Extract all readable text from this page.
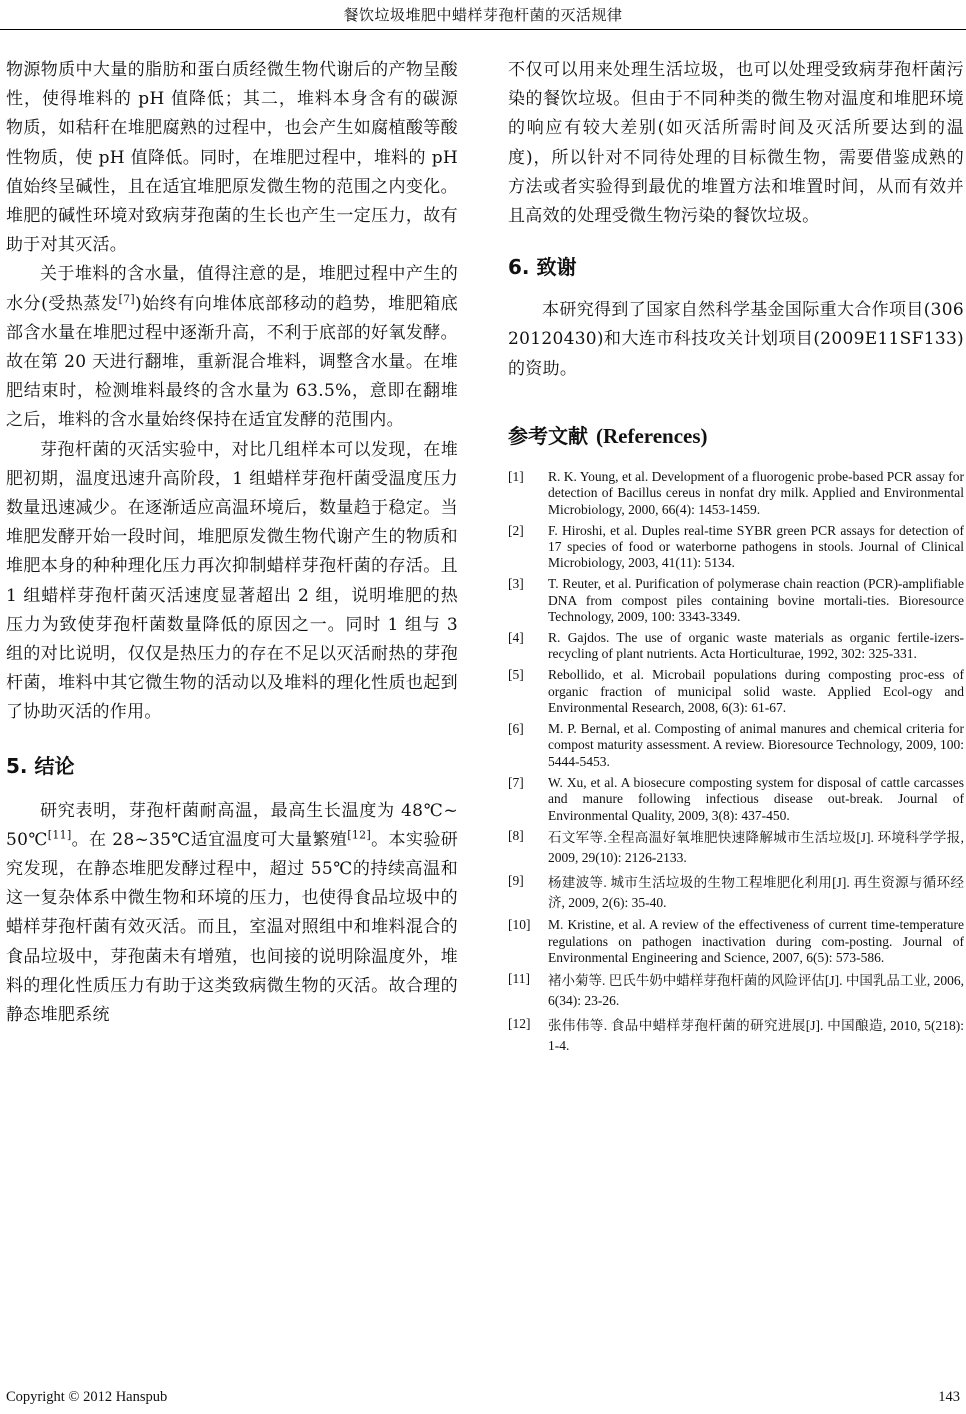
餐饮垃圾堆肥中蜡样芽孢杆菌的灭活规律

物源物质中大量的脂肪和蛋白质经微生物代谢后的产物呈酸性，使得堆料的 pH 值降低；其二，堆料本身含有的碳源物质，如秸秆在堆肥腐熟的过程中，也会产生如腐植酸等酸性物质，使 pH 值降低。同时，在堆肥过程中，堆料的 pH 值始终呈碱性，且在适宜堆肥原发微生物的范围之内变化。堆肥的碱性环境对致病芽孢菌的生长也产生一定压力，故有助于对其灭活。

关于堆料的含水量，值得注意的是，堆肥过程中产生的水分(受热蒸发[7])始终有向堆体底部移动的趋势，堆肥箱底部含水量在堆肥过程中逐渐升高，不利于底部的好氧发酵。故在第 20 天进行翻堆，重新混合堆料，调整含水量。在堆肥结束时，检测堆料最终的含水量为 63.5%，意即在翻堆之后，堆料的含水量始终保持在适宜发酵的范围内。

芽孢杆菌的灭活实验中，对比几组样本可以发现，在堆肥初期，温度迅速升高阶段，1 组蜡样芽孢杆菌受温度压力数量迅速减少。在逐渐适应高温环境后，数量趋于稳定。当堆肥发酵开始一段时间，堆肥原发微生物代谢产生的物质和堆肥本身的种种理化压力再次抑制蜡样芽孢杆菌的存活。且 1 组蜡样芽孢杆菌灭活速度显著超出 2 组，说明堆肥的热压力为致使芽孢杆菌数量降低的原因之一。同时 1 组与 3 组的对比说明，仅仅是热压力的存在不足以灭活耐热的芽孢杆菌，堆料中其它微生物的活动以及堆料的理化性质也起到了协助灭活的作用。

5. 结论

研究表明，芽孢杆菌耐高温，最高生长温度为 48℃~50℃[11]。在 28~35℃适宜温度可大量繁殖[12]。本实验研究发现，在静态堆肥发酵过程中，超过 55℃的持续高温和这一复杂体系中微生物和环境的压力，也使得食品垃圾中的蜡样芽孢杆菌有效灭活。而且，室温对照组中和堆料混合的食品垃圾中，芽孢菌未有增殖，也间接的说明除温度外，堆料的理化性质压力有助于这类致病微生物的灭活。故合理的静态堆肥系统

不仅可以用来处理生活垃圾，也可以处理受致病芽孢杆菌污染的餐饮垃圾。但由于不同种类的微生物对温度和堆肥环境的响应有较大差别(如灭活所需时间及灭活所要达到的温度)，所以针对不同待处理的目标微生物，需要借鉴成熟的方法或者实验得到最优的堆置方法和堆置时间，从而有效并且高效的处理受微生物污染的餐饮垃圾。

6. 致谢

本研究得到了国家自然科学基金国际重大合作项目(30620120430)和大连市科技攻关计划项目(2009E11SF133)的资助。

参考文献 (References)
[1] R. K. Young, et al. Development of a fluorogenic probe-based PCR assay for detection of Bacillus cereus in nonfat dry milk. Applied and Environmental Microbiology, 2000, 66(4): 1453-1459.
[2] F. Hiroshi, et al. Duples real-time SYBR green PCR assays for detection of 17 species of food or waterborne pathogens in stools. Journal of Clinical Microbiology, 2003, 41(11): 5134.
[3] T. Reuter, et al. Purification of polymerase chain reaction (PCR)-amplifiable DNA from compost piles containing bovine mortali-ties. Bioresource Technology, 2009, 100: 3343-3349.
[4] R. Gajdos. The use of organic waste materials as organic fertile-izers-recycling of plant nutrients. Acta Horticulturae, 1992, 302: 325-331.
[5] Rebollido, et al. Microbail populations during composting proc-ess of organic fraction of municipal solid waste. Applied Ecol-ogy and Environmental Research, 2008, 6(3): 61-67.
[6] M. P. Bernal, et al. Composting of animal manures and chemical criteria for compost maturity assessment. A review. Bioresource Technology, 2009, 100: 5444-5453.
[7] W. Xu, et al. A biosecure composting system for disposal of cattle carcasses and manure following infectious disease out-break. Journal of Environmental Quality, 2009, 3(8): 437-450.
[8] 石文军等.全程高温好氧堆肥快速降解城市生活垃圾[J]. 环境科学学报, 2009, 29(10): 2126-2133.
[9] 杨建波等. 城市生活垃圾的生物工程堆肥化利用[J]. 再生资源与循环经济, 2009, 2(6): 35-40.
[10] M. Kristine, et al. A review of the effectiveness of current time-temperature regulations on pathogen inactivation during com-posting. Journal of Environmental Engineering and Science, 2007, 6(5): 573-586.
[11] 褚小菊等. 巴氏牛奶中蜡样芽孢杆菌的风险评估[J]. 中国乳品工业, 2006, 6(34): 23-26.
[12] 张伟伟等. 食品中蜡样芽孢杆菌的研究进展[J]. 中国酿造, 2010, 5(218): 1-4.
Copyright © 2012 Hanspub	143
